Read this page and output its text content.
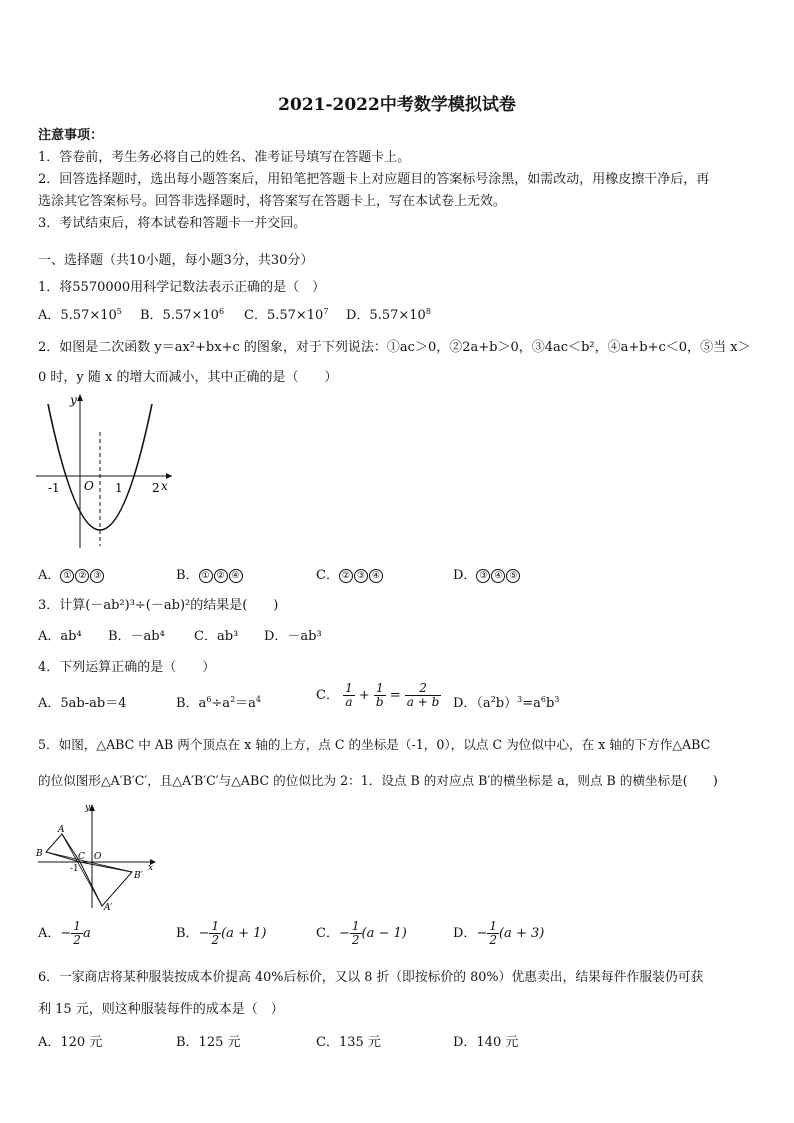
2021-2022中考数学模拟试卷
注意事项：
1．答卷前，考生务必将自己的姓名、准考证号填写在答题卡上。
2．回答选择题时，选出每小题答案后，用铅笔把答题卡上对应题目的答案标号涂黑，如需改动，用橡皮擦干净后，再
选涂其它答案标号。回答非选择题时，将答案写在答题卡上，写在本试卷上无效。
3．考试结束后，将本试卷和答题卡一并交回。
一、选择题（共10小题，每小题3分，共30分）
1．将5570000用科学记数法表示正确的是（　）
A．$5.57\times 10^5$ B．$5.57\times 10^6$ C．$5.57\times 10^7$ D．$5.57\times 10^8$
2．如图是二次函数 y＝ax²+bx+c 的图象，对于下列说法：①ac＞0，②2a+b＞0，③4ac＜b²，④a+b+c＜0，⑤当 x＞
0 时，y 随 x 的增大而减小，其中正确的是（　　）
y
x
O
-1	1 2
A． ① ② ③	B． ① ② ④	C． ② ③ ④	D． ③ ④ ⑤
3．计算(－ab²)³÷(－ab)²的结果是(　　)
A．ab⁴ B．－ab⁴ C．ab³ D．－ab³
4．下列运算正确的是（　　）
A．5ab-ab＝4	B．$a^6\div a^2=a^4$	C． $\frac{1}{a} + \frac{1}{b} = \frac{2}{a + b}$ D．$(a^2b)^3=a^6b^3$
5．如图，△ABC 中 AB 两个顶点在 x 轴的上方，点 C 的坐标是（-1，0），以点 C 为位似中心，在 x 轴的下方作△ABC
的位似图形△A′B′C′，且△A′B′C′与△ABC 的位似比为 2：1．设点 B 的对应点 B′的横坐标是 a，则点 B 的横坐标是(　　)
A
B	C O
-1	x
y
A′
B′
A．− $\frac{1}{2}$ a	B．− $\frac{1}{2} (a + 1)$	C．− $\frac{1}{2} (a - 1)$	D．− $\frac{1}{2} (a + 3)$
6．一家商店将某种服装按成本价提高 40%后标价，又以 8 折（即按标价的 80%）优惠卖出，结果每件作服装仍可获
利 15 元，则这种服装每件的成本是（　）
A．120 元	B．125 元	C．135 元	D．140 元
